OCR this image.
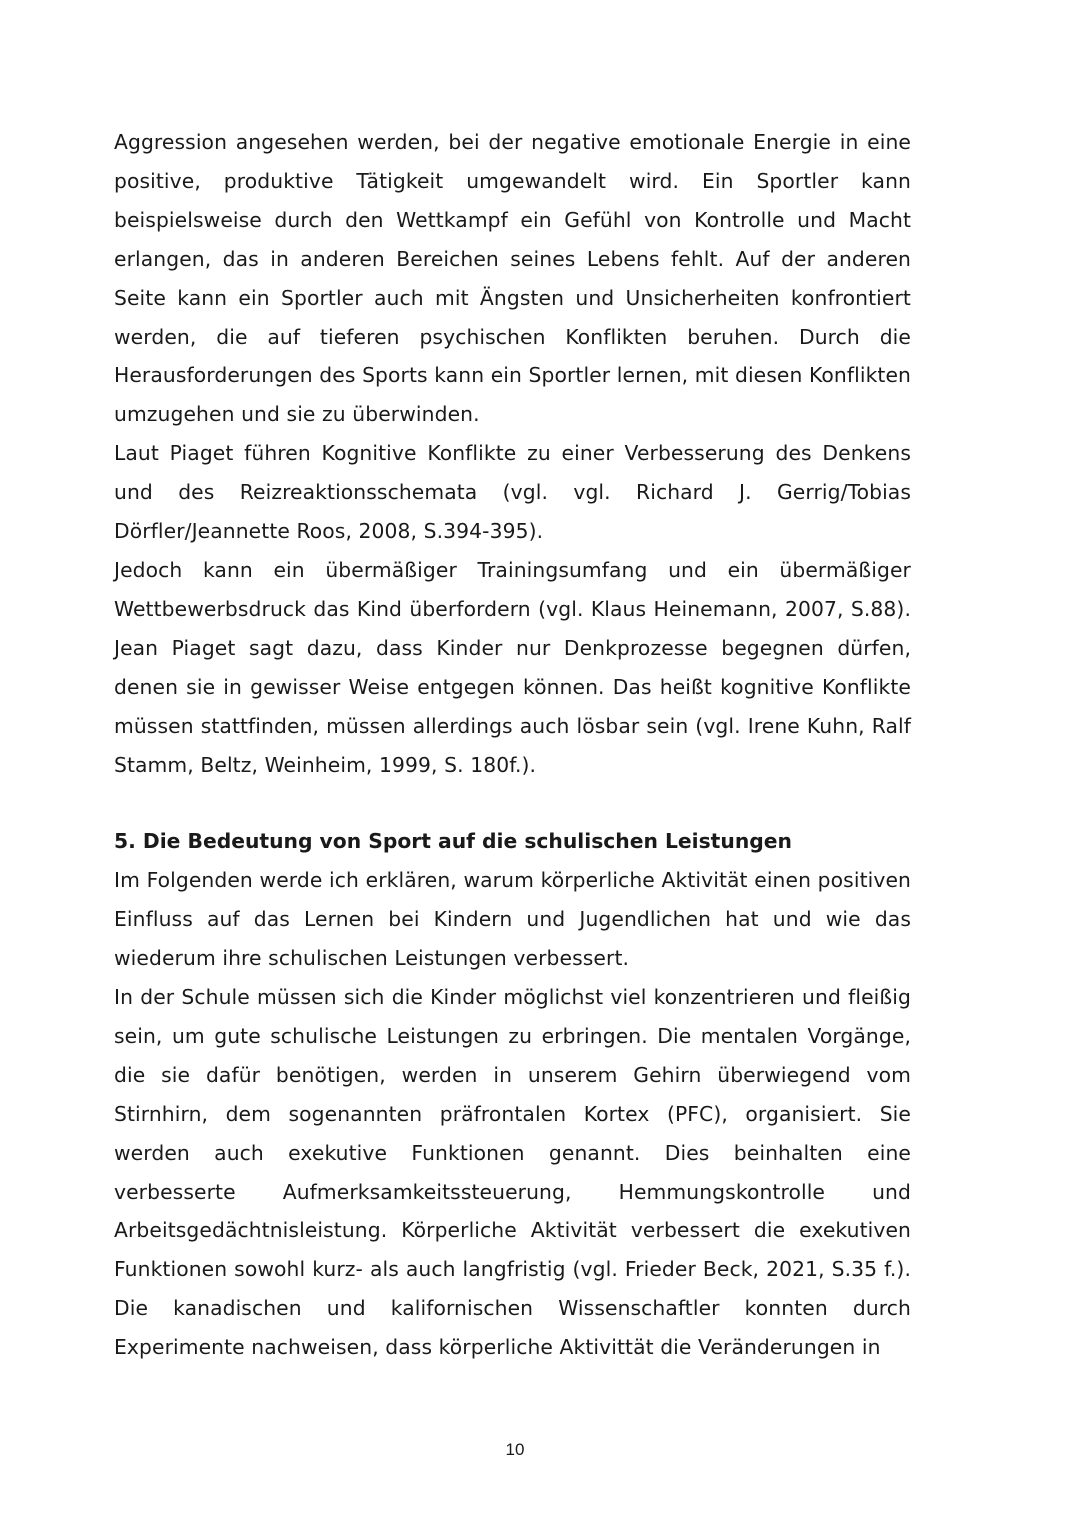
Aggression angesehen werden, bei der negative emotionale Energie in eine positive, produktive Tätigkeit umgewandelt wird. Ein Sportler kann beispielsweise durch den Wettkampf ein Gefühl von Kontrolle und Macht erlangen, das in anderen Bereichen seines Lebens fehlt. Auf der anderen Seite kann ein Sportler auch mit Ängsten und Unsicherheiten konfrontiert werden, die auf tieferen psychischen Konflikten beruhen. Durch die Herausforderungen des Sports kann ein Sportler lernen, mit diesen Konflikten umzugehen und sie zu überwinden.

Laut Piaget führen Kognitive Konflikte zu einer Verbesserung des Denkens und des Reizreaktionsschemata (vgl. vgl. Richard J. Gerrig/Tobias Dörfler/Jeannette Roos, 2008, S.394-395).

Jedoch kann ein übermäßiger Trainingsumfang und ein übermäßiger Wettbewerbsdruck das Kind überfordern (vgl. Klaus Heinemann, 2007, S.88). Jean Piaget sagt dazu, dass Kinder nur Denkprozesse begegnen dürfen, denen sie in gewisser Weise entgegen können. Das heißt kognitive Konflikte müssen stattfinden, müssen allerdings auch lösbar sein (vgl. Irene Kuhn, Ralf Stamm, Beltz, Weinheim, 1999, S. 180f.).

5. Die Bedeutung von Sport auf die schulischen Leistungen

Im Folgenden werde ich erklären, warum körperliche Aktivität einen positiven Einfluss auf das Lernen bei Kindern und Jugendlichen hat und wie das wiederum ihre schulischen Leistungen verbessert.

In der Schule müssen sich die Kinder möglichst viel konzentrieren und fleißig sein, um gute schulische Leistungen zu erbringen. Die mentalen Vorgänge, die sie dafür benötigen, werden in unserem Gehirn überwiegend vom Stirnhirn, dem sogenannten präfrontalen Kortex (PFC), organisiert. Sie werden auch exekutive Funktionen genannt. Dies beinhalten eine verbesserte Aufmerksamkeitssteuerung, Hemmungskontrolle und Arbeitsgedächtnisleistung. Körperliche Aktivität verbessert die exekutiven Funktionen sowohl kurz- als auch langfristig (vgl. Frieder Beck, 2021, S.35 f.). Die kanadischen und kalifornischen Wissenschaftler konnten durch Experimente nachweisen, dass körperliche Aktivittät die Veränderungen in

10
